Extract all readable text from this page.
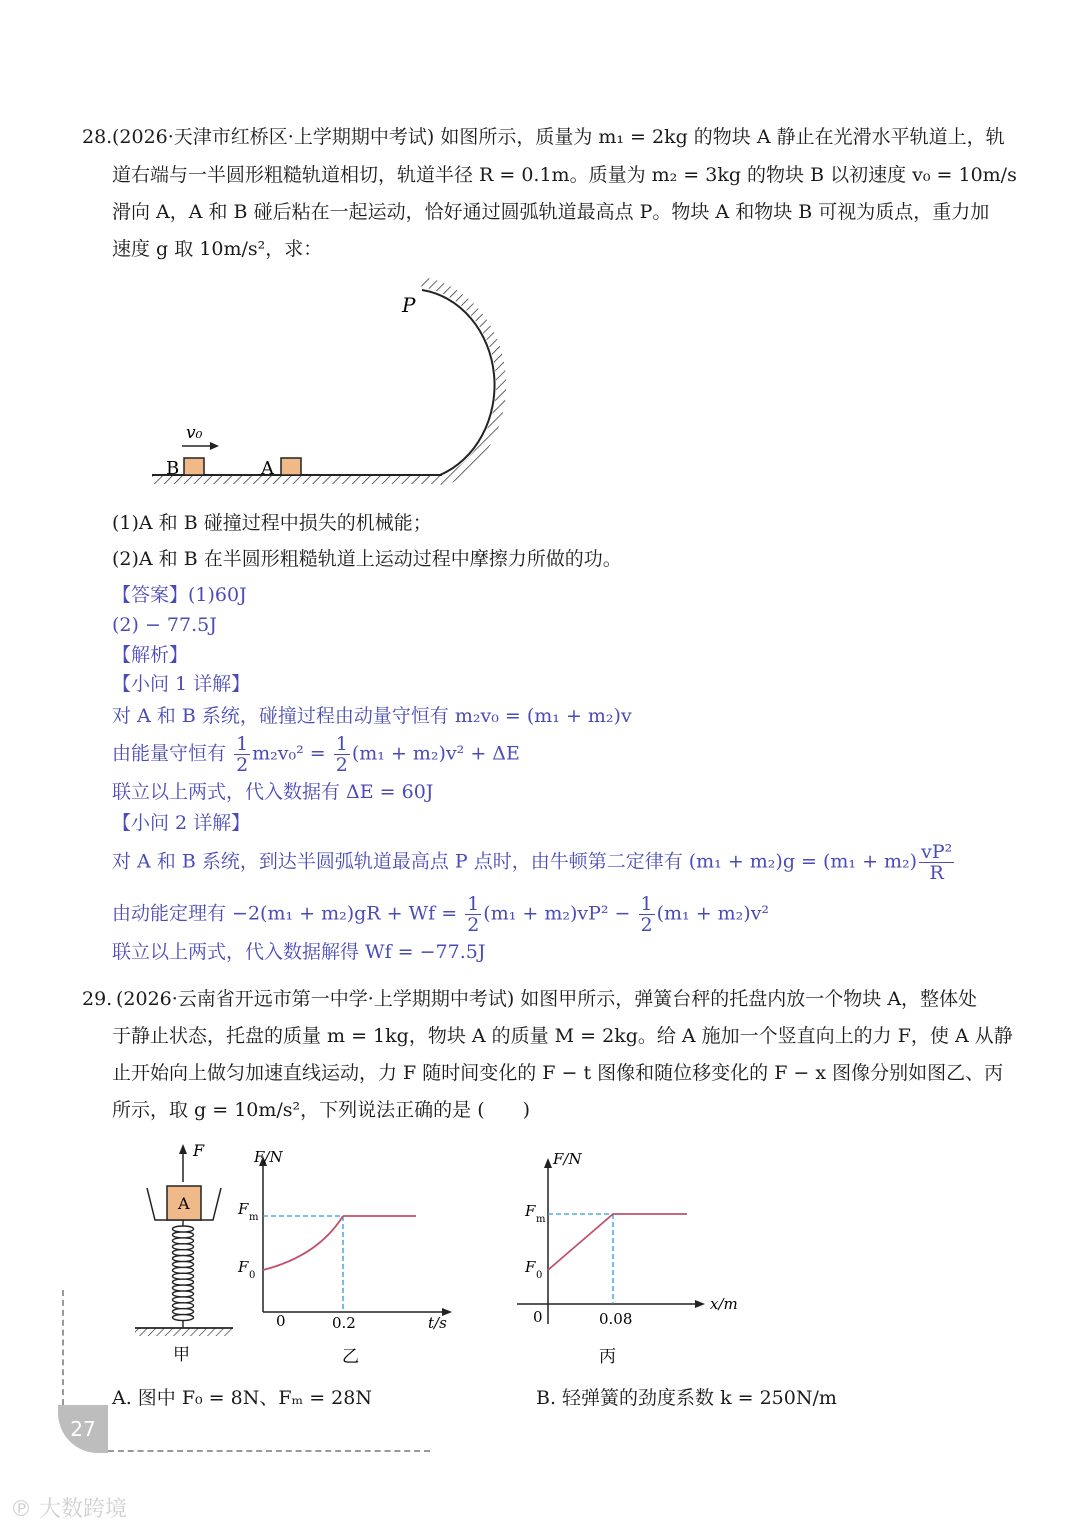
28. (2026·天津市红桥区·上学期期中考试) 如图所示，质量为 m₁ = 2kg 的物块 A 静止在光滑水平轨道上，轨
道右端与一半圆形粗糙轨道相切，轨道半径 R = 0.1m。质量为 m₂ = 3kg 的物块 B 以初速度 v₀ = 10m/s
滑向 A，A 和 B 碰后粘在一起运动，恰好通过圆弧轨道最高点 P。物块 A 和物块 B 可视为质点，重力加
速度 g 取 10m/s²，求：
P
B	A
v₀
(1)A 和 B 碰撞过程中损失的机械能；
(2)A 和 B 在半圆形粗糙轨道上运动过程中摩擦力所做的功。
【答案】(1)60J
(2) − 77.5J
【解析】
【小问 1 详解】
对 A 和 B 系统，碰撞过程由动量守恒有 m₂v₀ = (m₁ + m₂)v
由能量守恒有 $\frac{1}{2} m_2v_0^2 = \frac{1}{2} (m_1 + m_2)v^2 + \Delta E$
联立以上两式，代入数据有 ΔE = 60J
【小问 2 详解】
对 A 和 B 系统，到达半圆弧轨道最高点 P 点时，由牛顿第二定律有 $(m_1 + m_2)g = (m_1 + m_2) \frac{\text{vP²}}{R}$
由动能定理有 $-2(m_1 + m_2)gR + Wf = \frac{1}{2} (m_1 + m_2)vP^2 - \frac{1}{2} (m_1 + m_2)v^2$
联立以上两式，代入数据解得 Wf = −77.5J
29. (2026·云南省开远市第一中学·上学期期中考试) 如图甲所示，弹簧台秤的托盘内放一个物块 A，整体处
于静止状态，托盘的质量 m = 1kg，物块 A 的质量 M = 2kg。给 A 施加一个竖直向上的力 F，使 A 从静
止开始向上做匀加速直线运动，力 F 随时间变化的 F − t 图像和随位移变化的 F − x 图像分别如图乙、丙
所示，取 g = 10m/s²，下列说法正确的是 (　　)
F
A
甲
F/N
F m
F 0
0	0.2	t/s
乙
F/N
F m
F 0
0	0.08
x/m
丙
A. 图中 F₀ = 8N、Fₘ = 28N	B. 轻弹簧的劲度系数 k = 250N/m
27
℗ 大数跨境
